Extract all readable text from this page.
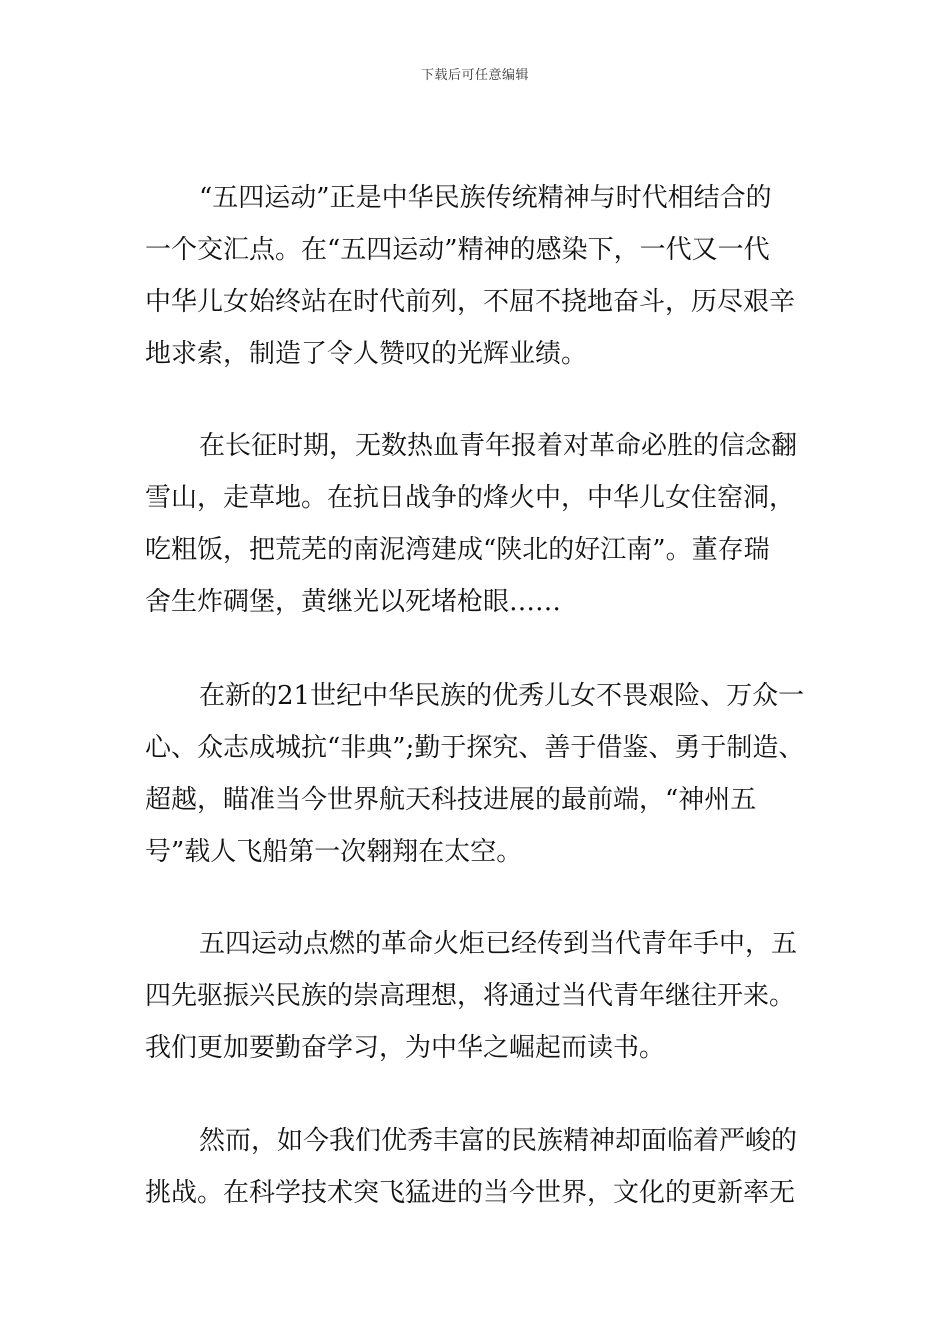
下载后可任意编辑
“五四运动”正是中华民族传统精神与时代相结合的
一个交汇点。在“五四运动”精神的感染下，一代又一代
中华儿女始终站在时代前列，不屈不挠地奋斗，历尽艰辛
地求索，制造了令人赞叹的光辉业绩。
在长征时期，无数热血青年报着对革命必胜的信念翻
雪山，走草地。在抗日战争的烽火中，中华儿女住窑洞，
吃粗饭，把荒芜的南泥湾建成“陕北的好江南”。董存瑞
舍生炸碉堡，黄继光以死堵枪眼……
在新的21世纪中华民族的优秀儿女不畏艰险、万众一
心、众志成城抗“非典”;勤于探究、善于借鉴、勇于制造、
超越，瞄准当今世界航天科技进展的最前端，“神州五
号”载人飞船第一次翱翔在太空。
五四运动点燃的革命火炬已经传到当代青年手中，五
四先驱振兴民族的崇高理想，将通过当代青年继往开来。
我们更加要勤奋学习，为中华之崛起而读书。
然而，如今我们优秀丰富的民族精神却面临着严峻的
挑战。在科学技术突飞猛进的当今世界，文化的更新率无
